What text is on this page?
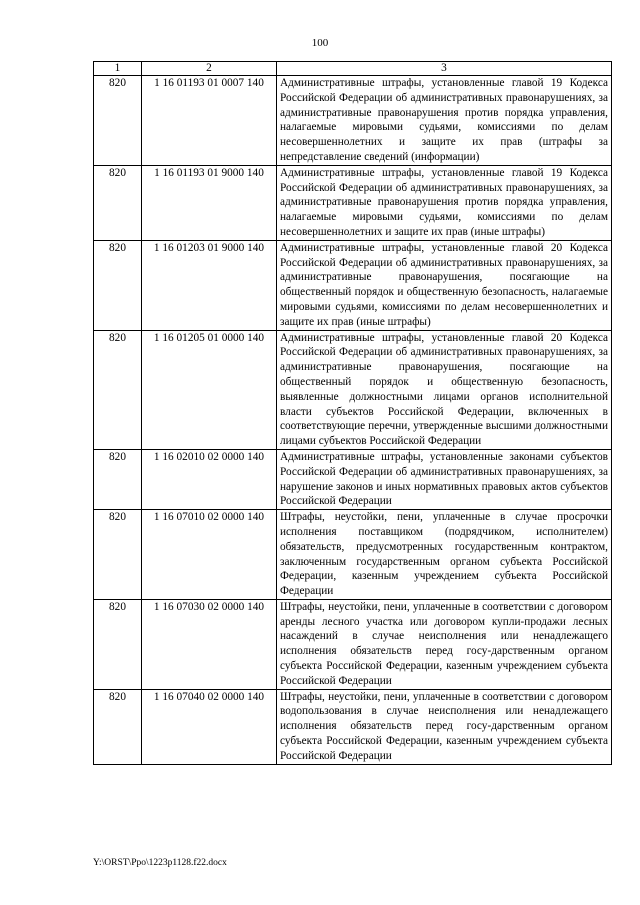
100
1	2	3
820	1 16 01193 01 0007 140	Административные штрафы, установленные главой 19 Кодекса Российской Федерации об административных правонарушениях, за административные правонарушения против порядка управления, налагаемые мировыми судьями, комиссиями по делам несовершеннолетних и защите их прав (штрафы за непредставление сведений (информации)
820	1 16 01193 01 9000 140	Административные штрафы, установленные главой 19 Кодекса Российской Федерации об административных правонарушениях, за административные правонарушения против порядка управления, налагаемые мировыми судьями, комиссиями по делам несовершеннолетних и защите их прав (иные штрафы)
820	1 16 01203 01 9000 140	Административные штрафы, установленные главой 20 Кодекса Российской Федерации об административных правонарушениях, за административные правонарушения, посягающие на общественный порядок и общественную безопасность, налагаемые мировыми судьями, комиссиями по делам несовершеннолетних и защите их прав (иные штрафы)
820	1 16 01205 01 0000 140	Административные штрафы, установленные главой 20 Кодекса Российской Федерации об административных правонарушениях, за административные правонарушения, посягающие на общественный порядок и общественную безопасность, выявленные должностными лицами органов исполнительной власти субъектов Российской Федерации, включенных в соответствующие перечни, утвержденные высшими должностными лицами субъектов Российской Федерации
820	1 16 02010 02 0000 140	Административные штрафы, установленные законами субъектов Российской Федерации об административных правонарушениях, за нарушение законов и иных нормативных правовых актов субъектов Российской Федерации
820	1 16 07010 02 0000 140	Штрафы, неустойки, пени, уплаченные в случае просрочки исполнения поставщиком (подрядчиком, исполнителем) обязательств, предусмотренных государственным контрактом, заключенным государственным органом субъекта Российской Федерации, казенным учреждением субъекта Российской Федерации
820	1 16 07030 02 0000 140	Штрафы, неустойки, пени, уплаченные в соответствии с договором аренды лесного участка или договором купли-продажи лесных насаждений в случае неисполнения или ненадлежащего исполнения обязательств перед госу-дарственным органом субъекта Российской Федерации, казенным учреждением субъекта Российской Федерации
820	1 16 07040 02 0000 140	Штрафы, неустойки, пени, уплаченные в соответствии с договором водопользования в случае неисполнения или ненадлежащего исполнения обязательств перед госу-дарственным органом субъекта Российской Федерации, казенным учреждением субъекта Российской Федерации
Y:\ORST\Ppo\1223p1128.f22.docx
